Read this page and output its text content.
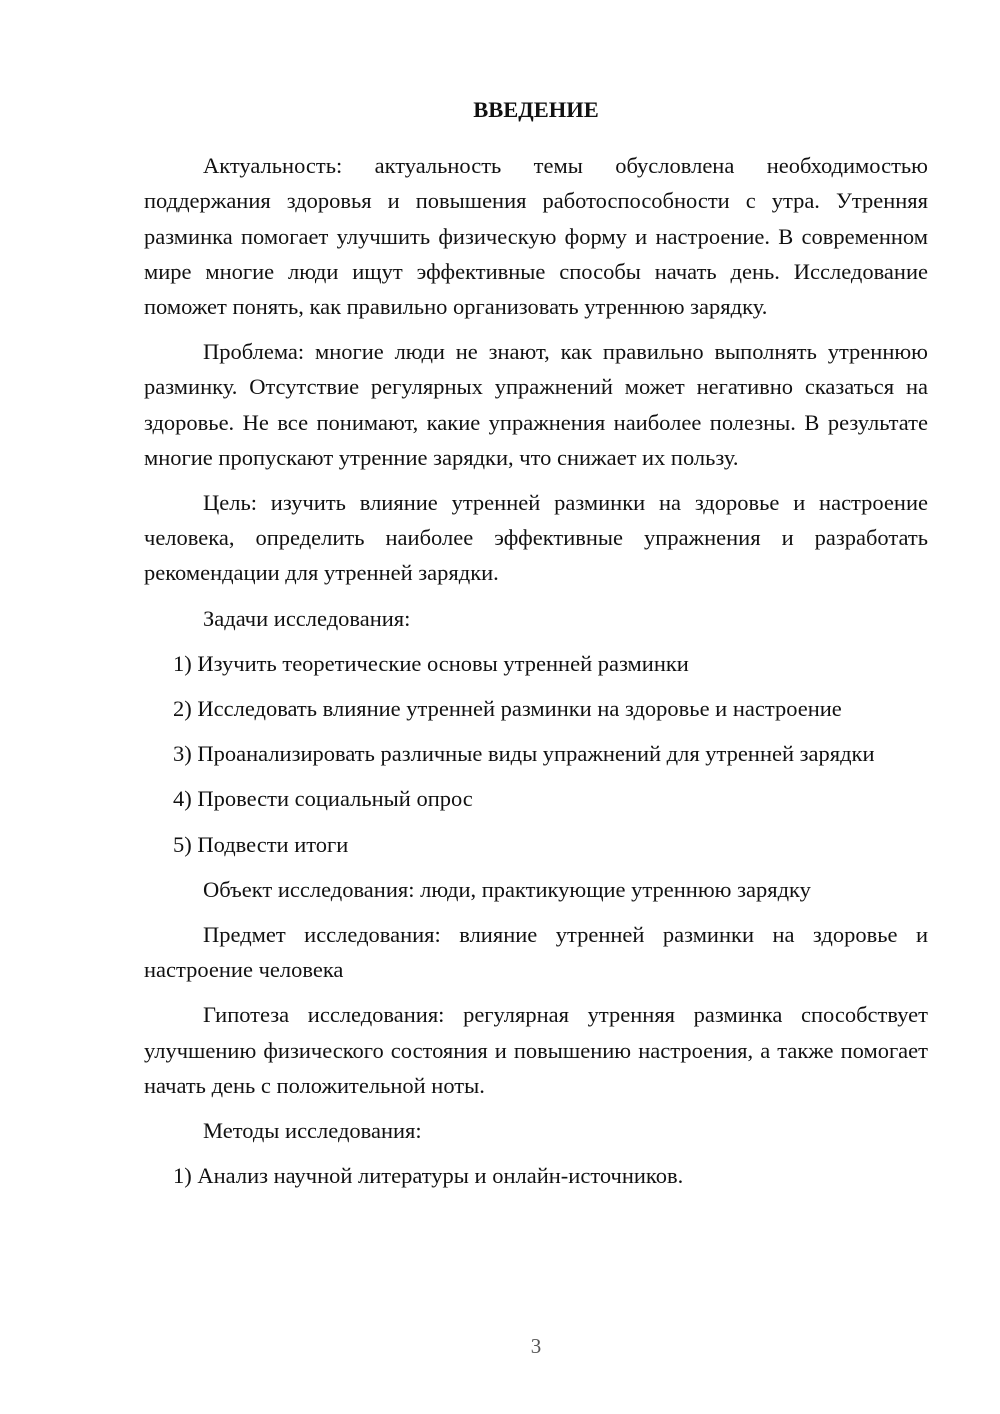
ВВЕДЕНИЕ

Актуальность: актуальность темы обусловлена необходимостью поддержания здоровья и повышения работоспособности с утра. Утренняя разминка помогает улучшить физическую форму и настроение. В современном мире многие люди ищут эффективные способы начать день. Исследование поможет понять, как правильно организовать утреннюю зарядку.

Проблема: многие люди не знают, как правильно выполнять утреннюю разминку. Отсутствие регулярных упражнений может негативно сказаться на здоровье. Не все понимают, какие упражнения наиболее полезны. В результате многие пропускают утренние зарядки, что снижает их пользу.

Цель: изучить влияние утренней разминки на здоровье и настроение человека, определить наиболее эффективные упражнения и разработать рекомендации для утренней зарядки.

Задачи исследования:

1) Изучить теоретические основы утренней разминки

2) Исследовать влияние утренней разминки на здоровье и настроение

3) Проанализировать различные виды упражнений для утренней зарядки

4) Провести социальный опрос

5) Подвести итоги

Объект исследования: люди, практикующие утреннюю зарядку

Предмет исследования: влияние утренней разминки на здоровье и настроение человека

Гипотеза исследования: регулярная утренняя разминка способствует улучшению физического состояния и повышению настроения, а также помогает начать день с положительной ноты.

Методы исследования:

1) Анализ научной литературы и онлайн-источников.

3
